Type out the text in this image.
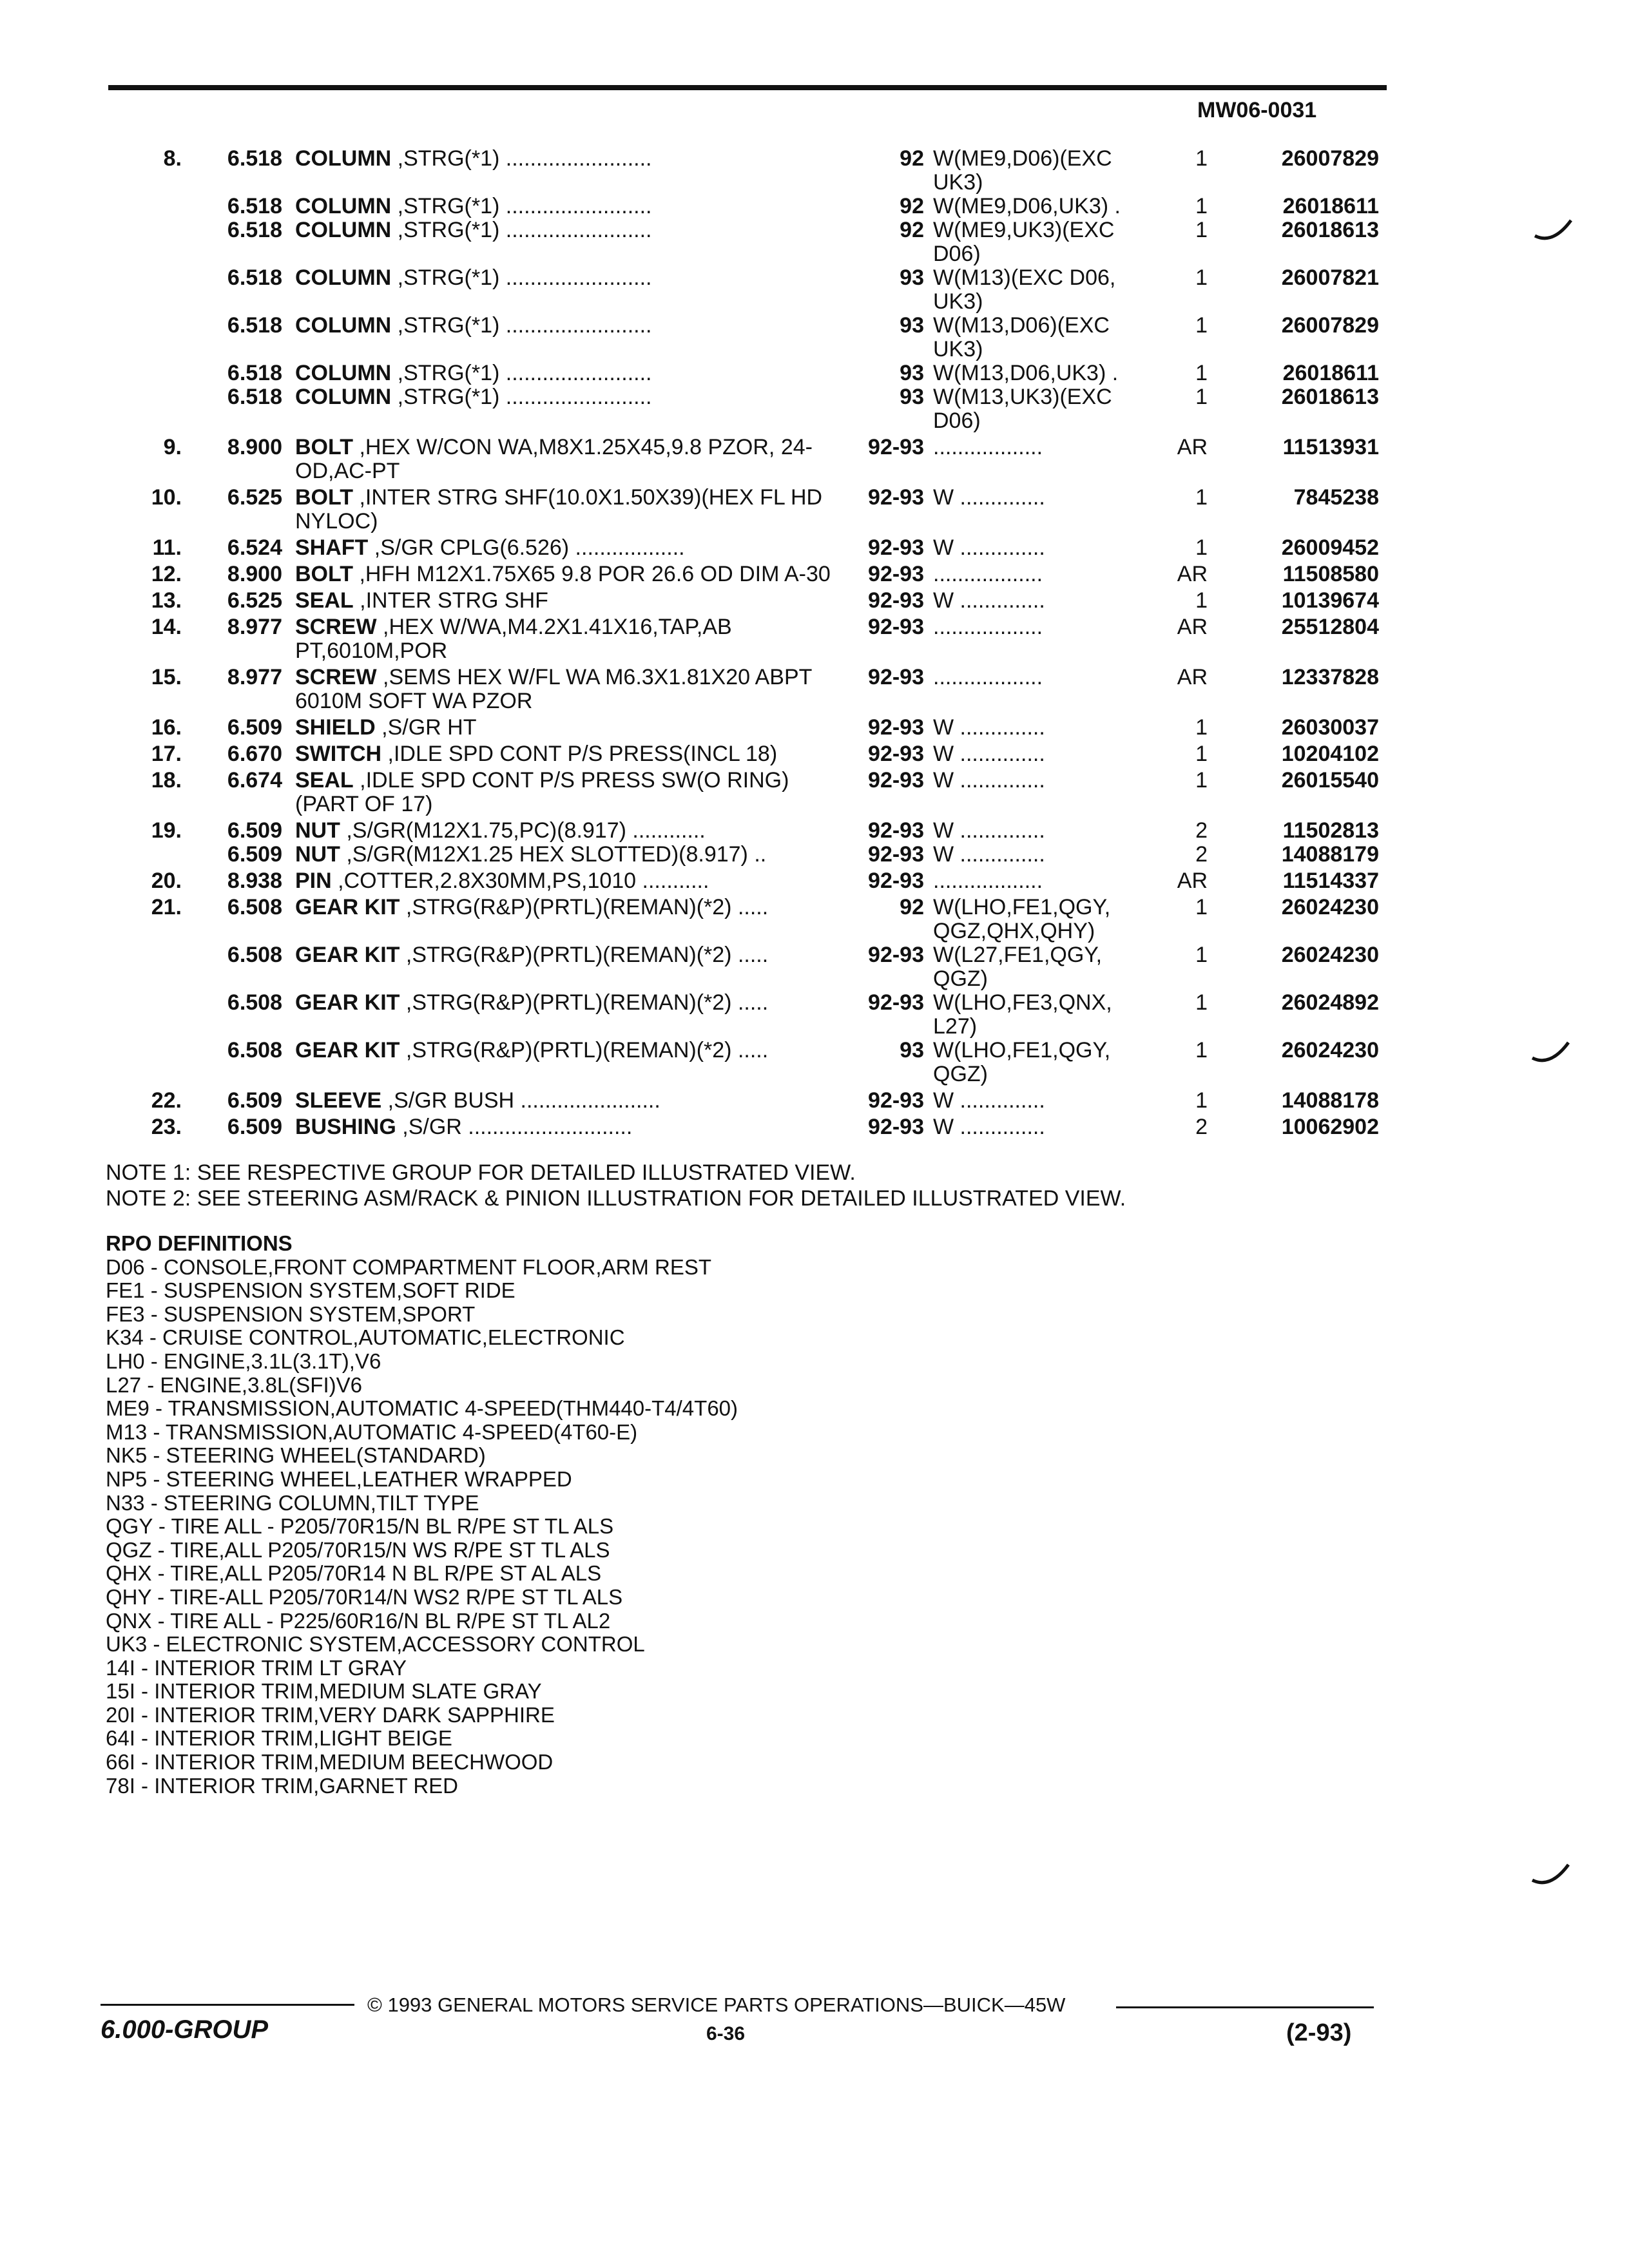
MW06-0031
8.	6.518	COLUMN ,STRG(*1) ........................	92	W(ME9,D06)(EXC UK3)	1	26007829
	6.518	COLUMN ,STRG(*1) ........................	92	W(ME9,D06,UK3) .	1	26018611
	6.518	COLUMN ,STRG(*1) ........................	92	W(ME9,UK3)(EXC D06)	1	26018613
	6.518	COLUMN ,STRG(*1) ........................	93	W(M13)(EXC D06, UK3)	1	26007821
	6.518	COLUMN ,STRG(*1) ........................	93	W(M13,D06)(EXC UK3)	1	26007829
	6.518	COLUMN ,STRG(*1) ........................	93	W(M13,D06,UK3) .	1	26018611
	6.518	COLUMN ,STRG(*1) ........................	93	W(M13,UK3)(EXC D06)	1	26018613
9.	8.900	BOLT ,HEX W/CON WA,M8X1.25X45,9.8 PZOR, 24-OD,AC-PT	92-93	..................	AR	11513931
10.	6.525	BOLT ,INTER STRG SHF(10.0X1.50X39)(HEX FL HD NYLOC)	92-93	W ..............	1	7845238
11.	6.524	SHAFT ,S/GR CPLG(6.526) ..................	92-93	W ..............	1	26009452
12.	8.900	BOLT ,HFH M12X1.75X65 9.8 POR 26.6 OD DIM A-30	92-93	..................	AR	11508580
13.	6.525	SEAL ,INTER STRG SHF	92-93	W ..............	1	10139674
14.	8.977	SCREW ,HEX W/WA,M4.2X1.41X16,TAP,AB PT,6010M,POR	92-93	..................	AR	25512804
15.	8.977	SCREW ,SEMS HEX W/FL WA M6.3X1.81X20 ABPT 6010M SOFT WA PZOR	92-93	..................	AR	12337828
16.	6.509	SHIELD ,S/GR HT	92-93	W ..............	1	26030037
17.	6.670	SWITCH ,IDLE SPD CONT P/S PRESS(INCL 18)	92-93	W ..............	1	10204102
18.	6.674	SEAL ,IDLE SPD CONT P/S PRESS SW(O RING) (PART OF 17)	92-93	W ..............	1	26015540
19.	6.509	NUT ,S/GR(M12X1.75,PC)(8.917) ............	92-93	W ..............	2	11502813
	6.509	NUT ,S/GR(M12X1.25 HEX SLOTTED)(8.917) ..	92-93	W ..............	2	14088179
20.	8.938	PIN ,COTTER,2.8X30MM,PS,1010 ...........	92-93	..................	AR	11514337
21.	6.508	GEAR KIT ,STRG(R&P)(PRTL)(REMAN)(*2) .....	92	W(LHO,FE1,QGY, QGZ,QHX,QHY)	1	26024230
	6.508	GEAR KIT ,STRG(R&P)(PRTL)(REMAN)(*2) .....	92-93	W(L27,FE1,QGY, QGZ)	1	26024230
	6.508	GEAR KIT ,STRG(R&P)(PRTL)(REMAN)(*2) .....	92-93	W(LHO,FE3,QNX, L27)	1	26024892
	6.508	GEAR KIT ,STRG(R&P)(PRTL)(REMAN)(*2) .....	93	W(LHO,FE1,QGY, QGZ)	1	26024230
22.	6.509	SLEEVE ,S/GR BUSH .......................	92-93	W ..............	1	14088178
23.	6.509	BUSHING ,S/GR ...........................	92-93	W ..............	2	10062902
NOTE 1: SEE RESPECTIVE GROUP FOR DETAILED ILLUSTRATED VIEW.
NOTE 2: SEE STEERING ASM/RACK & PINION ILLUSTRATION FOR DETAILED ILLUSTRATED VIEW.
RPO DEFINITIONS
D06 - CONSOLE,FRONT COMPARTMENT FLOOR,ARM REST
FE1 - SUSPENSION SYSTEM,SOFT RIDE
FE3 - SUSPENSION SYSTEM,SPORT
K34 - CRUISE CONTROL,AUTOMATIC,ELECTRONIC
LH0 - ENGINE,3.1L(3.1T),V6
L27 - ENGINE,3.8L(SFI)V6
ME9 - TRANSMISSION,AUTOMATIC 4-SPEED(THM440-T4/4T60)
M13 - TRANSMISSION,AUTOMATIC 4-SPEED(4T60-E)
NK5 - STEERING WHEEL(STANDARD)
NP5 - STEERING WHEEL,LEATHER WRAPPED
N33 - STEERING COLUMN,TILT TYPE
QGY - TIRE ALL - P205/70R15/N BL R/PE ST TL ALS
QGZ - TIRE,ALL P205/70R15/N WS R/PE ST TL ALS
QHX - TIRE,ALL P205/70R14 N BL R/PE ST AL ALS
QHY - TIRE-ALL P205/70R14/N WS2 R/PE ST TL ALS
QNX - TIRE ALL - P225/60R16/N BL R/PE ST TL AL2
UK3 - ELECTRONIC SYSTEM,ACCESSORY CONTROL
14I - INTERIOR TRIM LT GRAY
15I - INTERIOR TRIM,MEDIUM SLATE GRAY
20I - INTERIOR TRIM,VERY DARK SAPPHIRE
64I - INTERIOR TRIM,LIGHT BEIGE
66I - INTERIOR TRIM,MEDIUM BEECHWOOD
78I - INTERIOR TRIM,GARNET RED
© 1993 GENERAL MOTORS SERVICE PARTS OPERATIONS—BUICK—45W
6.000-GROUP	6-36	(2-93)
